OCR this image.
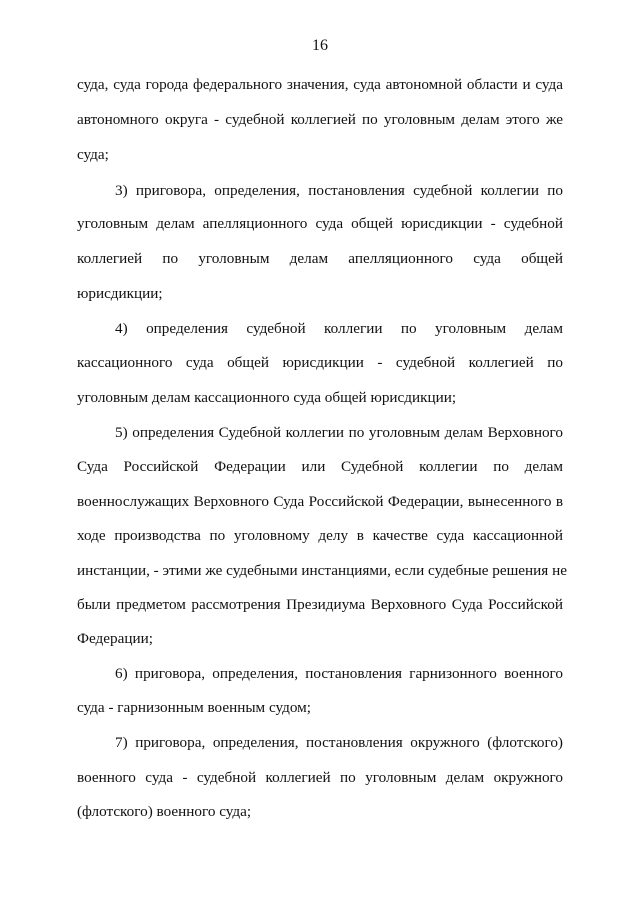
16
суда, суда города федерального значения, суда автономной области и суда
автономного округа - судебной коллегией по уголовным делам этого же
суда;
3) приговора, определения, постановления судебной коллегии по
уголовным делам апелляционного суда общей юрисдикции - судебной
коллегией по уголовным делам апелляционного суда общей
юрисдикции;
4) определения судебной коллегии по уголовным делам
кассационного суда общей юрисдикции - судебной коллегией по
уголовным делам кассационного суда общей юрисдикции;
5) определения Судебной коллегии по уголовным делам Верховного
Суда Российской Федерации или Судебной коллегии по делам
военнослужащих Верховного Суда Российской Федерации, вынесенного в
ходе производства по уголовному делу в качестве суда кассационной
инстанции, - этими же судебными инстанциями, если судебные решения не
были предметом рассмотрения Президиума Верховного Суда Российской
Федерации;
6) приговора, определения, постановления гарнизонного военного
суда - гарнизонным военным судом;
7) приговора, определения, постановления окружного (флотского)
военного суда - судебной коллегией по уголовным делам окружного
(флотского) военного суда;
